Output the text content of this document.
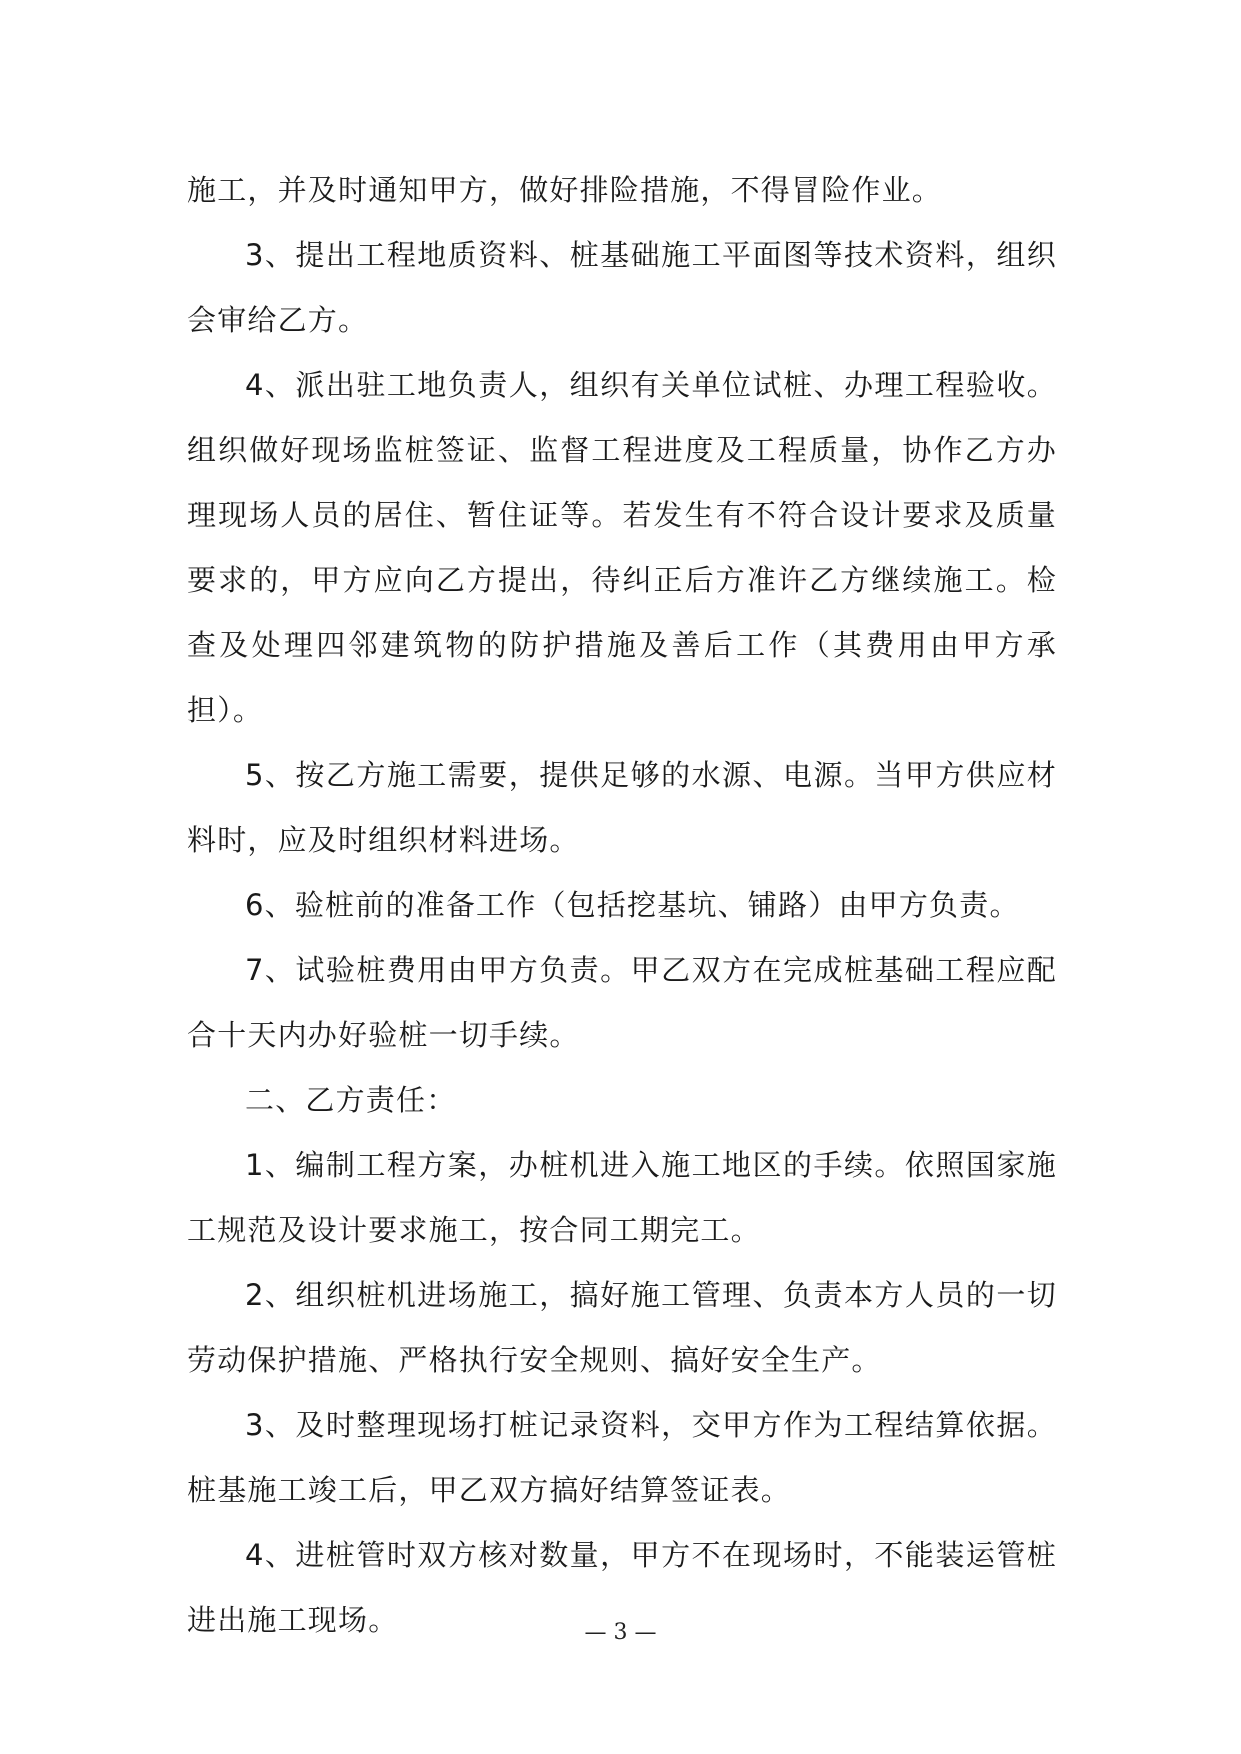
施工，并及时通知甲方，做好排险措施，不得冒险作业。

3、提出工程地质资料、桩基础施工平面图等技术资料，组织会审给乙方。

4、派出驻工地负责人，组织有关单位试桩、办理工程验收。组织做好现场监桩签证、监督工程进度及工程质量，协作乙方办理现场人员的居住、暂住证等。若发生有不符合设计要求及质量要求的，甲方应向乙方提出，待纠正后方准许乙方继续施工。检查及处理四邻建筑物的防护措施及善后工作（其费用由甲方承担）。

5、按乙方施工需要，提供足够的水源、电源。当甲方供应材料时，应及时组织材料进场。

6、验桩前的准备工作（包括挖基坑、铺路）由甲方负责。

7、试验桩费用由甲方负责。甲乙双方在完成桩基础工程应配合十天内办好验桩一切手续。

二、乙方责任：

1、编制工程方案，办桩机进入施工地区的手续。依照国家施工规范及设计要求施工，按合同工期完工。

2、组织桩机进场施工，搞好施工管理、负责本方人员的一切劳动保护措施、严格执行安全规则、搞好安全生产。

3、及时整理现场打桩记录资料，交甲方作为工程结算依据。桩基施工竣工后，甲乙双方搞好结算签证表。

4、进桩管时双方核对数量，甲方不在现场时，不能装运管桩进出施工现场。	— 3 —
